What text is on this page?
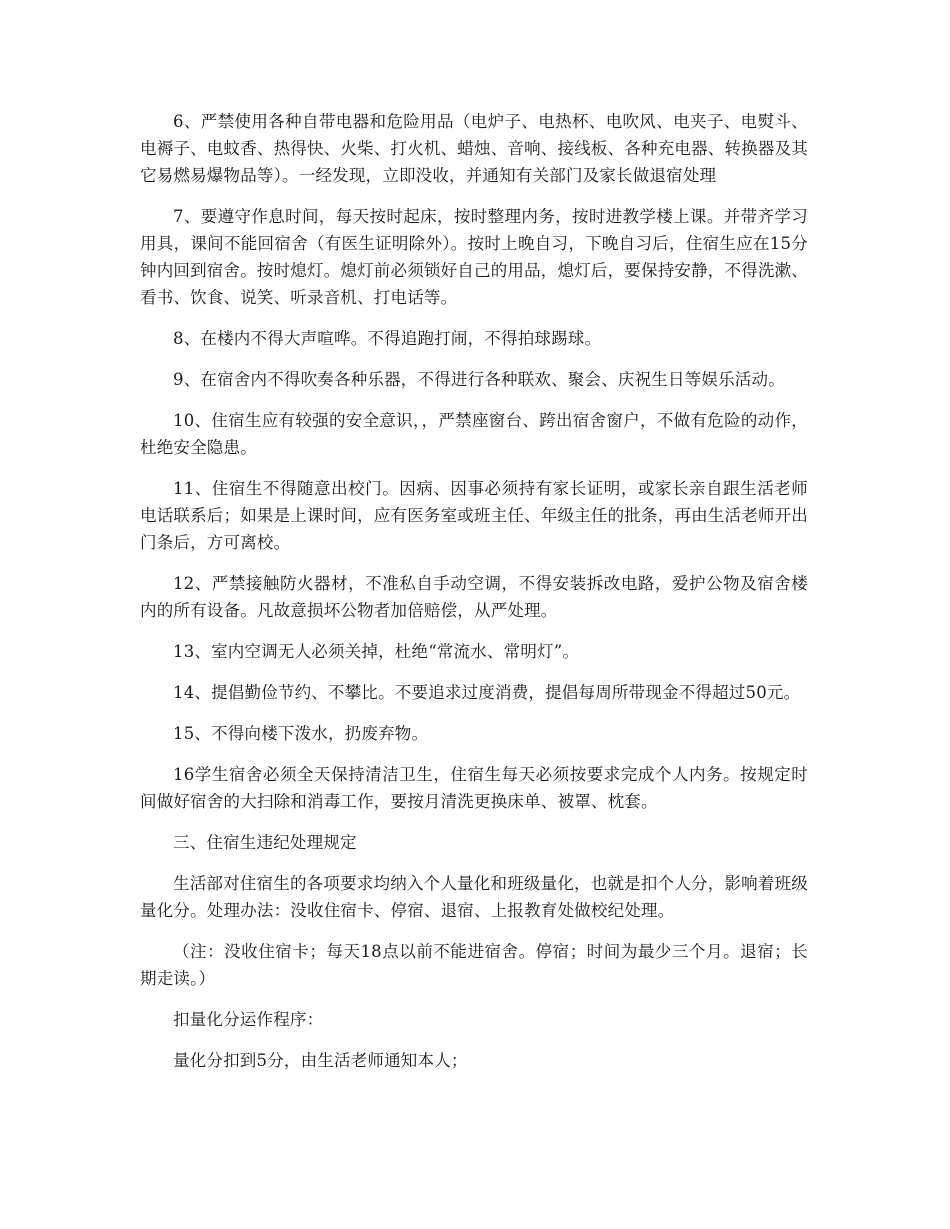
6、严禁使用各种自带电器和危险用品（电炉子、电热杯、电吹风、电夹子、电熨斗、电褥子、电蚊香、热得快、火柴、打火机、蜡烛、音响、接线板、各种充电器、转换器及其它易燃易爆物品等）。一经发现，立即没收，并通知有关部门及家长做退宿处理

7、要遵守作息时间，每天按时起床，按时整理内务，按时进教学楼上课。并带齐学习用具，课间不能回宿舍（有医生证明除外）。按时上晚自习，下晚自习后，住宿生应在15分钟内回到宿舍。按时熄灯。熄灯前必须锁好自己的用品，熄灯后，要保持安静，不得洗漱、看书、饮食、说笑、听录音机、打电话等。

8、在楼内不得大声喧哗。不得追跑打闹，不得拍球踢球。

9、在宿舍内不得吹奏各种乐器，不得进行各种联欢、聚会、庆祝生日等娱乐活动。

10、住宿生应有较强的安全意识，，严禁座窗台、跨出宿舍窗户，不做有危险的动作，杜绝安全隐患。

11、住宿生不得随意出校门。因病、因事必须持有家长证明，或家长亲自跟生活老师电话联系后；如果是上课时间，应有医务室或班主任、年级主任的批条，再由生活老师开出门条后，方可离校。

12、严禁接触防火器材，不准私自手动空调，不得安装拆改电路，爱护公物及宿舍楼内的所有设备。凡故意损坏公物者加倍赔偿，从严处理。

13、室内空调无人必须关掉，杜绝“常流水、常明灯”。

14、提倡勤俭节约、不攀比。不要追求过度消费，提倡每周所带现金不得超过50元。

15、不得向楼下泼水，扔废弃物。

16学生宿舍必须全天保持清洁卫生，住宿生每天必须按要求完成个人内务。按规定时间做好宿舍的大扫除和消毒工作，要按月清洗更换床单、被罩、枕套。

三、住宿生违纪处理规定

生活部对住宿生的各项要求均纳入个人量化和班级量化，也就是扣个人分，影响着班级量化分。处理办法：没收住宿卡、停宿、退宿、上报教育处做校纪处理。

（注：没收住宿卡；每天18点以前不能进宿舍。停宿；时间为最少三个月。退宿；长期走读。）

扣量化分运作程序：

量化分扣到5分，由生活老师通知本人；
